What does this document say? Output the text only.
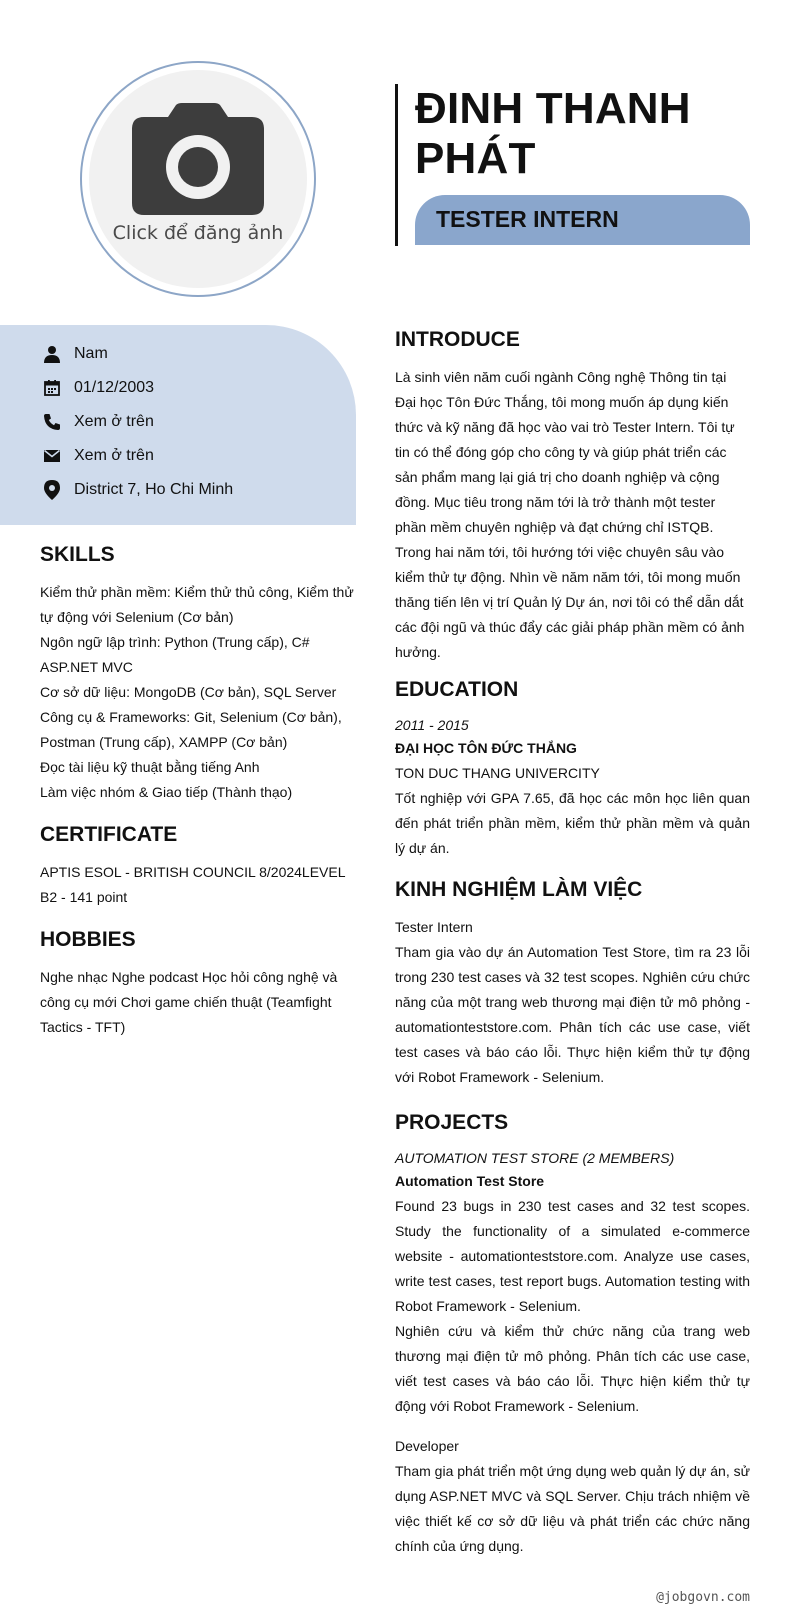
Click để đăng ảnh
ĐINH THANH PHÁT
TESTER INTERN
Nam
01/12/2003
Xem ở trên
Xem ở trên
District 7, Ho Chi Minh
SKILLS
Kiểm thử phần mềm: Kiểm thử thủ công, Kiểm thử tự động với Selenium (Cơ bản)
Ngôn ngữ lập trình: Python (Trung cấp), C# ASP.NET MVC
Cơ sở dữ liệu: MongoDB (Cơ bản), SQL Server
Công cụ & Frameworks: Git, Selenium (Cơ bản), Postman (Trung cấp), XAMPP (Cơ bản)
Đọc tài liệu kỹ thuật bằng tiếng Anh
Làm việc nhóm & Giao tiếp (Thành thạo)
CERTIFICATE
APTIS ESOL - BRITISH COUNCIL 8/2024LEVEL B2 - 141 point
HOBBIES
Nghe nhạc Nghe podcast Học hỏi công nghệ và công cụ mới Chơi game chiến thuật (Teamfight Tactics - TFT)
INTRODUCE
Là sinh viên năm cuối ngành Công nghệ Thông tin tại Đại học Tôn Đức Thắng, tôi mong muốn áp dụng kiến thức và kỹ năng đã học vào vai trò Tester Intern. Tôi tự tin có thể đóng góp cho công ty và giúp phát triển các sản phẩm mang lại giá trị cho doanh nghiệp và cộng đồng. Mục tiêu trong năm tới là trở thành một tester phần mềm chuyên nghiệp và đạt chứng chỉ ISTQB. Trong hai năm tới, tôi hướng tới việc chuyên sâu vào kiểm thử tự động. Nhìn về năm năm tới, tôi mong muốn thăng tiến lên vị trí Quản lý Dự án, nơi tôi có thể dẫn dắt các đội ngũ và thúc đẩy các giải pháp phần mềm có ảnh hưởng.
EDUCATION
2011 - 2015
ĐẠI HỌC TÔN ĐỨC THẮNG
TON DUC THANG UNIVERCITY
Tốt nghiệp với GPA 7.65, đã học các môn học liên quan đến phát triển phần mềm, kiểm thử phần mềm và quản lý dự án.
KINH NGHIỆM LÀM VIỆC
Tester Intern
Tham gia vào dự án Automation Test Store, tìm ra 23 lỗi trong 230 test cases và 32 test scopes. Nghiên cứu chức năng của một trang web thương mại điện tử mô phỏng - automationteststore.com. Phân tích các use case, viết test cases và báo cáo lỗi. Thực hiện kiểm thử tự động với Robot Framework - Selenium.
PROJECTS
AUTOMATION TEST STORE (2 MEMBERS)
Automation Test Store
Found 23 bugs in 230 test cases and 32 test scopes. Study the functionality of a simulated e-commerce website - automationteststore.com. Analyze use cases, write test cases, test report bugs. Automation testing with Robot Framework - Selenium.
Nghiên cứu và kiểm thử chức năng của trang web thương mại điện tử mô phỏng. Phân tích các use case, viết test cases và báo cáo lỗi. Thực hiện kiểm thử tự động với Robot Framework - Selenium.
Developer
Tham gia phát triển một ứng dụng web quản lý dự án, sử dụng ASP.NET MVC và SQL Server. Chịu trách nhiệm về việc thiết kế cơ sở dữ liệu và phát triển các chức năng chính của ứng dụng.
@jobgovn.com
